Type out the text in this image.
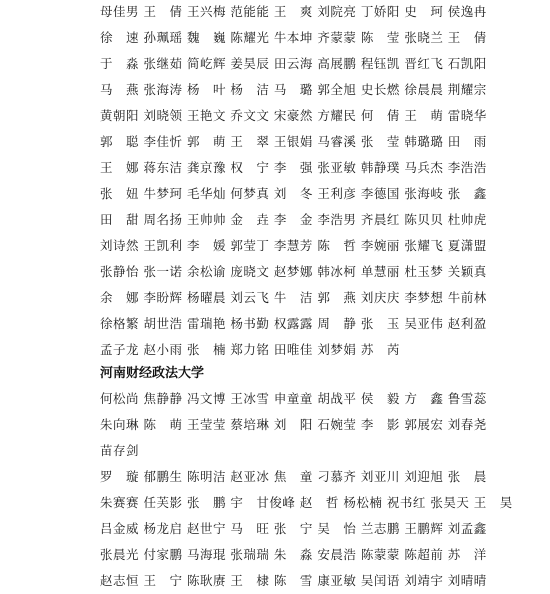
母佳男 王　倩 王兴梅 范能能 王　爽 刘院亮 丁娇阳 史　珂 侯逸冉
徐　速 孙珮瑶 魏　巍 陈耀光 牛本坤 齐蒙蒙 陈　莹 张晓兰 王　倩
于　淼 张继茹 简屹辉 姜昊辰 田云海 高展鹏 程钰凯 晋红飞 石凯阳
马　燕 张海涛 杨　叶 杨　洁 马　璐 郭全旭 史长燃 徐晨晨 荆耀宗
黄朝阳 刘晓领 王艳文 乔文文 宋豪然 方耀民 何　倩 王　萌 雷晓华
郭　聪 李佳忻 郭　萌 王　翠 王银娟 马睿溪 张　莹 韩璐璐 田　雨
王　娜 蒋东洁 龚京豫 权　宁 李　强 张亚敏 韩静璞 马兵杰 李浩浩
张　妞 牛梦珂 毛华灿 何梦真 刘　冬 王利彦 李德国 张海岐 张　鑫
田　甜 周名扬 王帅帅 金　垚 李　金 李浩男 齐晨红 陈贝贝 杜帅虎
刘诗然 王凯利 李　媛 郭莹丁 李慧芳 陈　哲 李婉丽 张耀飞 夏潇盟
张静怡 张一诺 余松谕 庞晓文 赵梦娜 韩冰柯 单慧丽 杜玉梦 关颖真
余　娜 李盼辉 杨曜晨 刘云飞 牛　洁 郭　燕 刘庆庆 李梦想 牛前林
徐格繁 胡世浩 雷瑞艳 杨书勤 权露露 周　静 张　玉 吴亚伟 赵利盈
孟子龙 赵小雨 张　楠 郑力铭 田唯佳 刘梦娟 苏　芮
河南财经政法大学
何松尚 焦静静 冯文博 王冰雪 申童童 胡战平 侯　毅 方　鑫 鲁雪蕊
朱向琳 陈　萌 王莹莹 蔡培琳 刘　阳 石婉莹 李　影 郭展宏 刘春尧
苗存剑
罗　璇 郁鹏生 陈明洁 赵亚冰 焦　童 刁慕齐 刘亚川 刘迎旭 张　晨
朱赛赛 任芙影 张　鹏 宇　甘俊峰 赵　哲 杨松楠 祝书红 张昊天 王　昊
吕金威 杨龙启 赵世宁 马　旺 张　宁 吴　怡 兰志鹏 王鹏辉 刘孟鑫
张晨光 付家鹏 马海琨 张瑞瑞 朱　淼 安晨浩 陈蒙蒙 陈超前 苏　洋
赵志恒 王　宁 陈耿赓 王　棣 陈　雪 康亚敏 吴闰语 刘靖宇 刘晴晴
